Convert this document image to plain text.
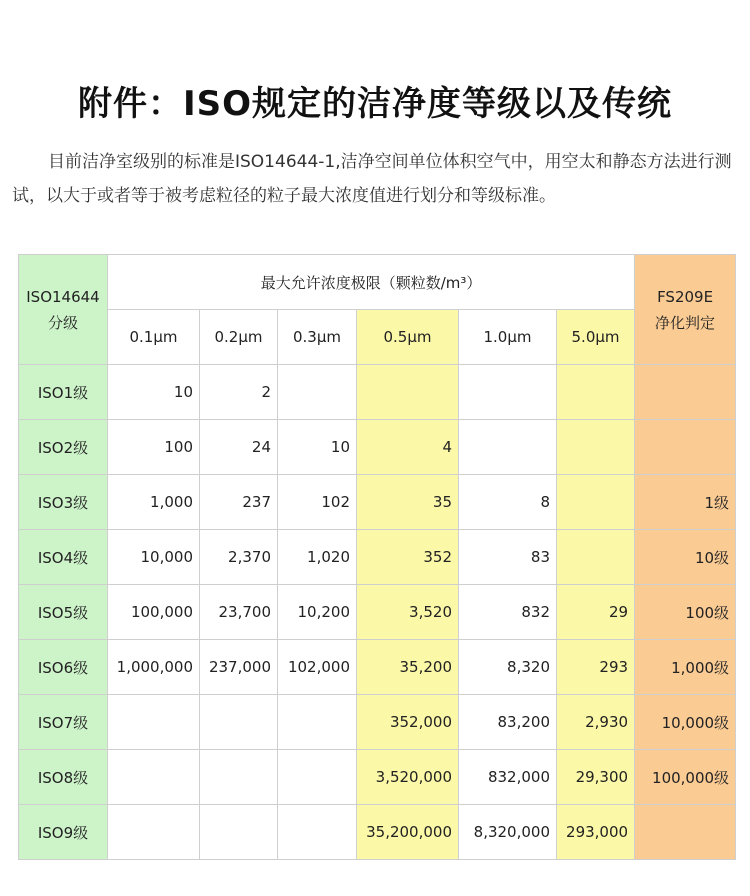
附件：ISO规定的洁净度等级以及传统

目前洁净室级别的标准是ISO14644-1,洁净空间单位体积空气中，用空太和静态方法进行测试，以大于或者等于被考虑粒径的粒子最大浓度值进行划分和等级标准。

ISO14644
分级	最大允许浓度极限（颗粒数/m³）						FS209E
净化判定

	0.1μm	0.2μm	0.3μm	0.5μm	1.0μm	5.0μm	
ISO1级	10	2					
ISO2级	100	24	10	4			
ISO3级	1,000	237	102	35	8		1级
ISO4级	10,000	2,370	1,020	352	83		10级
ISO5级	100,000	23,700	10,200	3,520	832	29	100级
ISO6级	1,000,000	237,000	102,000	35,200	8,320	293	1,000级
ISO7级				352,000	83,200	2,930	10,000级
ISO8级				3,520,000	832,000	29,300	100,000级
ISO9级				35,200,000	8,320,000	293,000	
